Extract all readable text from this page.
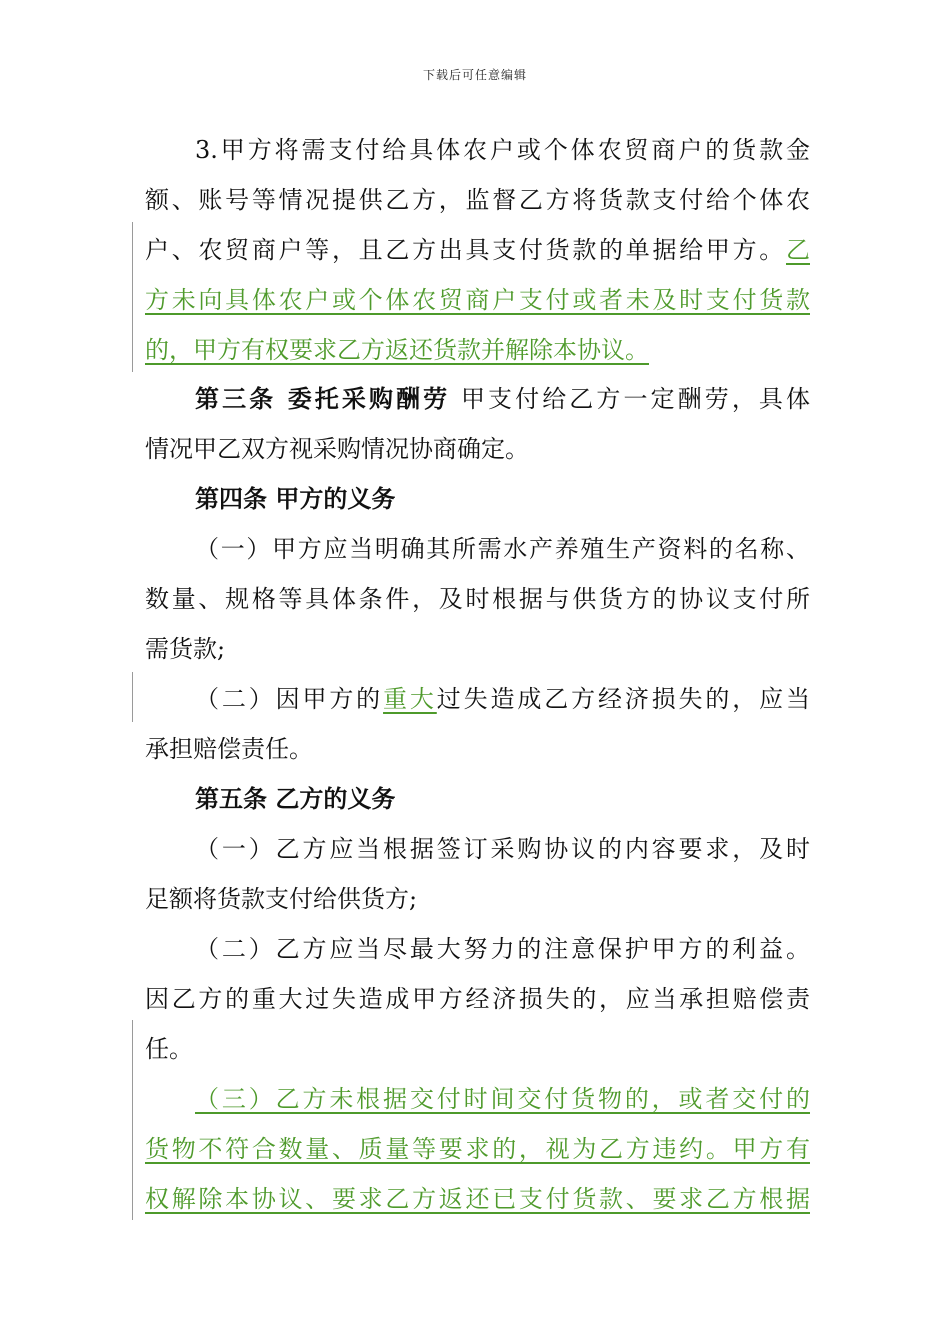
下载后可任意编辑
3.甲方将需支付给具体农户或个体农贸商户的货款金
额、账号等情况提供乙方，监督乙方将货款支付给个体农
户、农贸商户等，且乙方出具支付货款的单据给甲方。乙
方未向具体农户或个体农贸商户支付或者未及时支付货款
的，甲方有权要求乙方返还货款并解除本协议。
第三条 委托采购酬劳 甲支付给乙方一定酬劳，具体
情况甲乙双方视采购情况协商确定。
第四条 甲方的义务
（一）甲方应当明确其所需水产养殖生产资料的名称、
数量、规格等具体条件，及时根据与供货方的协议支付所
需货款;
（二）因甲方的重大过失造成乙方经济损失的，应当
承担赔偿责任。
第五条 乙方的义务
（一）乙方应当根据签订采购协议的内容要求，及时
足额将货款支付给供货方;
（二）乙方应当尽最大努力的注意保护甲方的利益。
因乙方的重大过失造成甲方经济损失的，应当承担赔偿责
任。
（三）乙方未根据交付时间交付货物的，或者交付的
货物不符合数量、质量等要求的，视为乙方违约。甲方有
权解除本协议、要求乙方返还已支付货款、要求乙方根据
